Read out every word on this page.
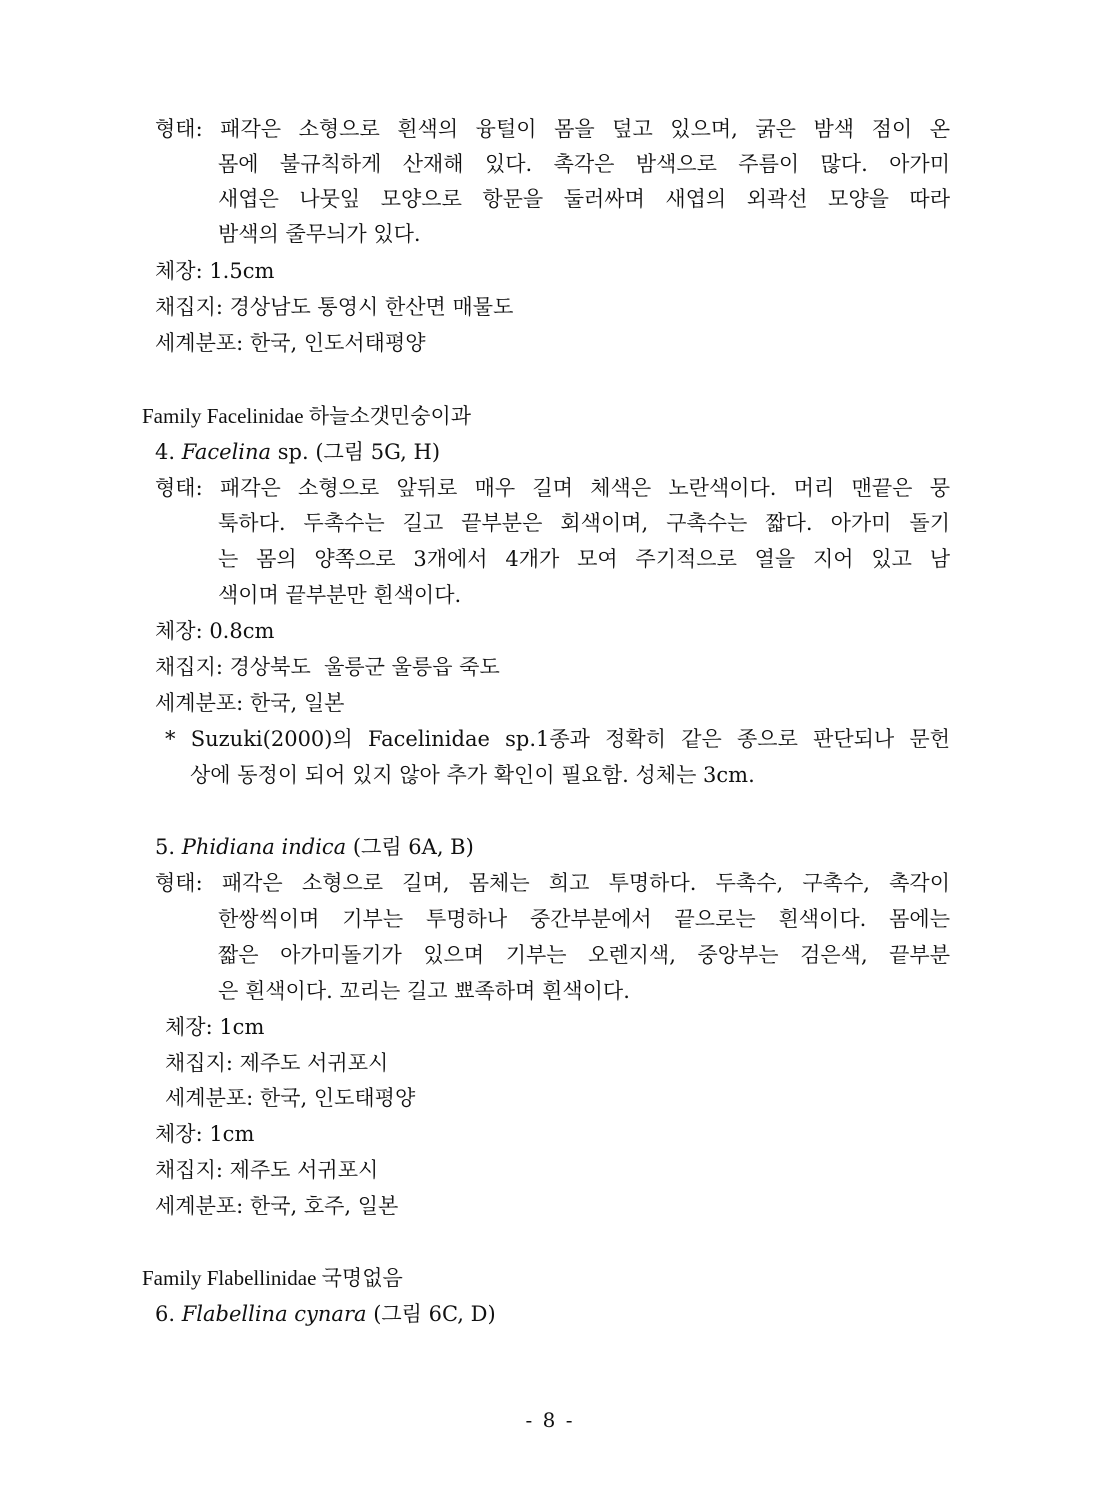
형태: 패각은 소형으로 흰색의 융털이 몸을 덮고 있으며, 굵은 밤색 점이 온
몸에 불규칙하게 산재해 있다. 촉각은 밤색으로 주름이 많다. 아가미
새엽은 나뭇잎 모양으로 항문을 둘러싸며 새엽의 외곽선 모양을 따라
밤색의 줄무늬가 있다.
체장: 1.5cm
채집지: 경상남도 통영시 한산면 매물도
세계분포: 한국, 인도서태평양
Family Facelinidae 하늘소갯민숭이과
4. Facelina sp. (그림 5G, H)
형태: 패각은 소형으로 앞뒤로 매우 길며 체색은 노란색이다. 머리 맨끝은 뭉
툭하다. 두촉수는 길고 끝부분은 회색이며, 구촉수는 짧다. 아가미 돌기
는 몸의 양쪽으로 3개에서 4개가 모여 주기적으로 열을 지어 있고 남
색이며 끝부분만 흰색이다.
체장: 0.8cm
채집지: 경상북도  울릉군 울릉읍 죽도
세계분포: 한국, 일본
* Suzuki(2000)의 Facelinidae sp.1종과 정확히 같은 종으로 판단되나 문헌
상에 동정이 되어 있지 않아 추가 확인이 필요함. 성체는 3cm.
5. Phidiana indica (그림 6A, B)
형태: 패각은 소형으로 길며, 몸체는 희고 투명하다. 두촉수, 구촉수, 촉각이
한쌍씩이며 기부는 투명하나 중간부분에서 끝으로는 흰색이다. 몸에는
짧은 아가미돌기가 있으며 기부는 오렌지색, 중앙부는 검은색, 끝부분
은 흰색이다. 꼬리는 길고 뾰족하며 흰색이다.
체장: 1cm
채집지: 제주도 서귀포시
세계분포: 한국, 인도태평양
체장: 1cm
채집지: 제주도 서귀포시
세계분포: 한국, 호주, 일본
Family Flabellinidae 국명없음
6. Flabellina cynara (그림 6C, D)
- 8 -
